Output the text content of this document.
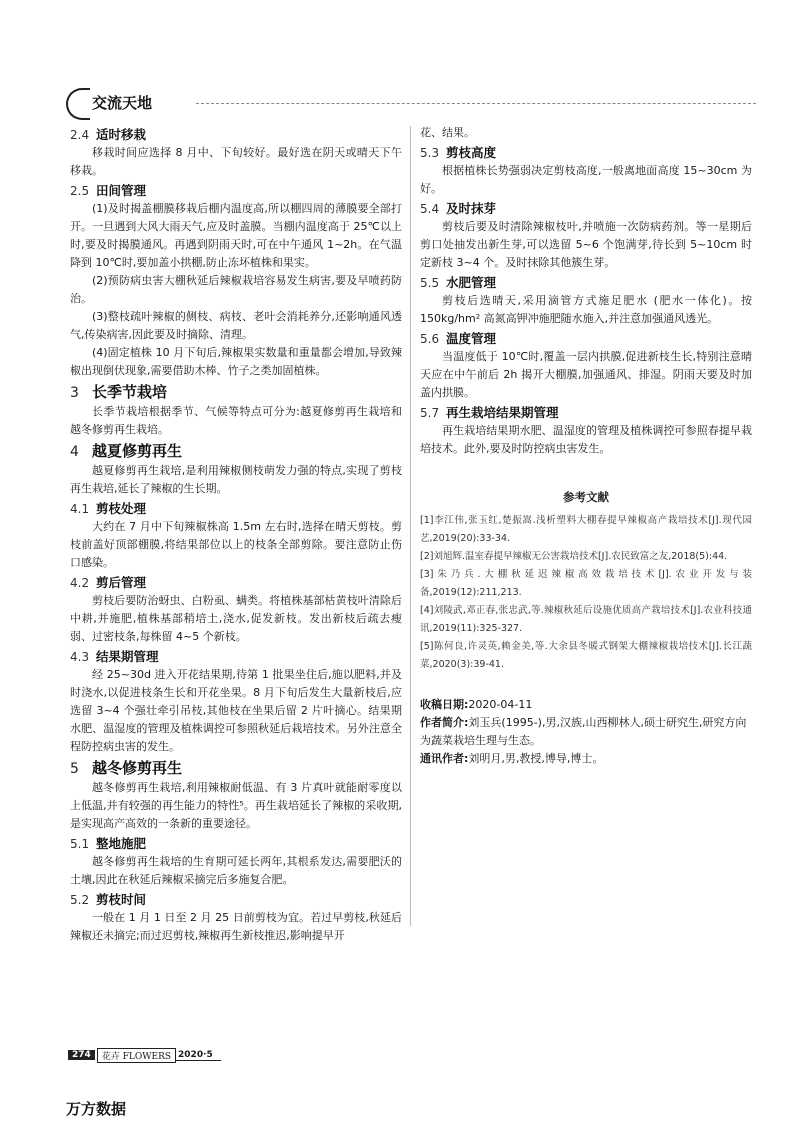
交流天地
2.4 适时移栽

移栽时间应选择 8 月中、下旬较好。最好选在阴天或晴天下午移栽。

2.5 田间管理

(1)及时揭盖棚膜移栽后棚内温度高,所以棚四周的薄膜要全部打开。一旦遇到大风大雨天气,应及时盖膜。当棚内温度高于 25℃以上时,要及时揭膜通风。再遇到阴雨天时,可在中午通风 1~2h。在气温降到 10℃时,要加盖小拱棚,防止冻坏植株和果实。

(2)预防病虫害大棚秋延后辣椒栽培容易发生病害,要及早喷药防治。

(3)整枝疏叶辣椒的侧枝、病枝、老叶会消耗养分,还影响通风透气,传染病害,因此要及时摘除、清理。

(4)固定植株 10 月下旬后,辣椒果实数量和重量都会增加,导致辣椒出现倒伏现象,需要借助木棒、竹子之类加固植株。

3 长季节栽培

长季节栽培根据季节、气候等特点可分为:越夏修剪再生栽培和越冬修剪再生栽培。

4 越夏修剪再生

越夏修剪再生栽培,是利用辣椒侧枝萌发力强的特点,实现了剪枝再生栽培,延长了辣椒的生长期。

4.1 剪枝处理

大约在 7 月中下旬辣椒株高 1.5m 左右时,选择在晴天剪枝。剪枝前盖好顶部棚膜,将结果部位以上的枝条全部剪除。要注意防止伤口感染。

4.2 剪后管理

剪枝后要防治蚜虫、白粉虱、螨类。将植株基部枯黄枝叶清除后中耕,并施肥,植株基部稍培土,浇水,促发新枝。发出新枝后疏去瘦弱、过密枝条,每株留 4~5 个新枝。

4.3 结果期管理

经 25~30d 进入开花结果期,待第 1 批果坐住后,施以肥料,并及时浇水,以促进枝条生长和开花坐果。8 月下旬后发生大量新枝后,应选留 3~4 个强壮牵引吊枝,其他枝在坐果后留 2 片叶摘心。结果期水肥、温湿度的管理及植株调控可参照秋延后栽培技术。另外注意全程防控病虫害的发生。

5 越冬修剪再生

越冬修剪再生栽培,利用辣椒耐低温、有 3 片真叶就能耐零度以上低温,并有较强的再生能力的特性⁵。再生栽培延长了辣椒的采收期,是实现高产高效的一条新的重要途径。

5.1 整地施肥

越冬修剪再生栽培的生育期可延长两年,其根系发达,需要肥沃的土壤,因此在秋延后辣椒采摘完后多施复合肥。

5.2 剪枝时间

一般在 1 月 1 日至 2 月 25 日前剪枝为宜。若过早剪枝,秋延后辣椒还未摘完;而过迟剪枝,辣椒再生新枝推迟,影响提早开

花、结果。

5.3 剪枝高度

根据植株长势强弱决定剪枝高度,一般离地面高度 15~30cm 为好。

5.4 及时抹芽

剪枝后要及时清除辣椒枝叶,并喷施一次防病药剂。等一星期后剪口处抽发出新生芽,可以选留 5~6 个饱满芽,待长到 5~10cm 时定新枝 3~4 个。及时抹除其他簇生芽。

5.5 水肥管理

剪枝后选晴天,采用滴管方式施足肥水 (肥水一体化)。按 150kg/hm² 高氮高钾冲施肥随水施入,并注意加强通风透光。

5.6 温度管理

当温度低于 10℃时,覆盖一层内拱膜,促进新枝生长,特别注意晴天应在中午前后 2h 揭开大棚膜,加强通风、排湿。阴雨天要及时加盖内拱膜。

5.7 再生栽培结果期管理

再生栽培结果期水肥、温湿度的管理及植株调控可参照春提早栽培技术。此外,要及时防控病虫害发生。

参考文献

[1]李江伟,张玉红,楚振嵩.浅析塑料大棚春提早辣椒高产栽培技术[J].现代园艺,2019(20):33-34.

[2]刘旭辉.温室春提早辣椒无公害栽培技术[J].农民致富之友,2018(5):44.

[3]朱乃兵.大棚秋延迟辣椒高效栽培技术[J].农业开发与装备,2019(12):211,213.

[4]刘陵武,邓正春,张忠武,等.辣椒秋延后设施优质高产栽培技术[J].农业科技通讯,2019(11):325-327.

[5]陈何良,许灵英,赖金美,等.大余县冬暖式钢架大棚辣椒栽培技术[J].长江蔬菜,2020(3):39-41.

收稿日期:2020-04-11
作者简介:刘玉兵(1995-),男,汉族,山西柳林人,硕士研究生,研究方向为蔬菜栽培生理与生态。
通讯作者:刘明月,男,教授,博导,博士。
274	花卉 FLOWERS 2020·5
万方数据
